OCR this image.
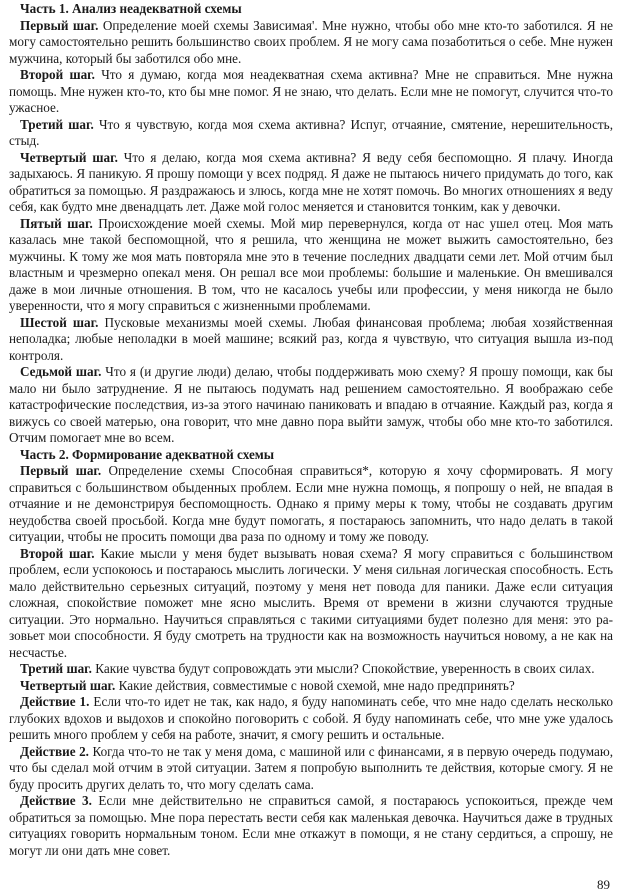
Часть 1. Анализ неадекватной схемы

Первый шаг. Определение моей схемы Зависимая'. Мне нужно, чтобы обо мне кто-то заботился. Я не могу самостоятельно решить большинство своих проблем. Я не могу сама позаботиться о себе. Мне нужен мужчина, который бы заботился обо мне.

Второй шаг. Что я думаю, когда моя неадекватная схема активна? Мне не справиться. Мне нужна помощь. Мне нужен кто-то, кто бы мне помог. Я не знаю, что делать. Если мне не помогут, случится что-то ужасное.

Третий шаг. Что я чувствую, когда моя схема активна? Испуг, отчаяние, смятение, нерешительность, стыд.

Четвертый шаг. Что я делаю, когда моя схема активна? Я веду себя беспомощно. Я плачу. Иногда задыхаюсь. Я паникую. Я прошу помощи у всех подряд. Я даже не пытаюсь ничего придумать до того, как обратиться за помощью. Я раздражаюсь и злюсь, когда мне не хотят помочь. Во многих отношениях я веду себя, как будто мне двенадцать лет. Даже мой голос меняется и становится тонким, как у девочки.

Пятый шаг. Происхождение моей схемы. Мой мир перевернулся, когда от нас ушел отец. Моя мать казалась мне такой беспомощной, что я решила, что женщина не может выжить самостоятельно, без мужчины. К тому же моя мать повторяла мне это в течение последних двадцати семи лет. Мой отчим был властным и чрезмерно опекал меня. Он решал все мои проблемы: большие и маленькие. Он вмешивался даже в мои личные отношения. В том, что не касалось учебы или профессии, у меня никогда не было уверенности, что я могу справиться с жизненными проблемами.

Шестой шаг. Пусковые механизмы моей схемы. Любая финансовая проблема; любая хозяйственная неполадка; любые неполадки в моей машине; всякий раз, когда я чувствую, что ситуация вышла из-под контроля.

Седьмой шаг. Что я (и другие люди) делаю, чтобы поддерживать мою схему? Я прошу помощи, как бы мало ни было затруднение. Я не пытаюсь подумать над решением самостоятельно. Я воображаю себе катастрофические последствия, из-за этого начинаю паниковать и впадаю в отчаяние. Каждый раз, когда я вижусь со своей матерью, она говорит, что мне давно пора выйти замуж, чтобы обо мне кто-то заботился. Отчим помогает мне во всем.

Часть 2. Формирование адекватной схемы

Первый шаг. Определение схемы Способная справиться*, которую я хочу сформировать. Я могу справиться с большинством обыденных проблем. Если мне нужна помощь, я попрошу о ней, не впадая в отчаяние и не демонстрируя беспомощность. Однако я приму меры к тому, чтобы не создавать другим неудобства своей просьбой. Когда мне будут помогать, я постараюсь запомнить, что надо делать в такой ситуации, чтобы не просить помощи два раза по одному и тому же поводу.

Второй шаг. Какие мысли у меня будет вызывать новая схема? Я могу справиться с большинством проблем, если успокоюсь и постараюсь мыслить логически. У меня сильная логическая способность. Есть мало действительно серьезных ситуаций, поэтому у меня нет повода для паники. Даже если ситуация сложная, спокойствие поможет мне ясно мыслить. Время от времени в жизни случаются трудные ситуации. Это нормально. Научиться справляться с такими ситуациями будет полезно для меня: это разовьет мои способности. Я буду смотреть на трудности как на возможность научиться новому, а не как на несчастье.

Третий шаг. Какие чувства будут сопровождать эти мысли? Спокойствие, уверенность в своих силах.

Четвертый шаг. Какие действия, совместимые с новой схемой, мне надо предпринять?

Действие 1. Если что-то идет не так, как надо, я буду напоминать себе, что мне надо сделать несколько глубоких вдохов и выдохов и спокойно поговорить с собой. Я буду напоминать себе, что мне уже удалось решить много проблем у себя на работе, значит, я смогу решить и остальные.

Действие 2. Когда что-то не так у меня дома, с машиной или с финансами, я в первую очередь подумаю, что бы сделал мой отчим в этой ситуации. Затем я попробую выполнить те действия, которые смогу. Я не буду просить других делать то, что могу сделать сама.

Действие 3. Если мне действительно не справиться самой, я постараюсь успокоиться, прежде чем обратиться за помощью. Мне пора перестать вести себя как маленькая девочка. Научиться даже в трудных ситуациях говорить нормальным тоном. Если мне откажут в помощи, я не стану сердиться, а спрошу, не могут ли они дать мне совет.

89
